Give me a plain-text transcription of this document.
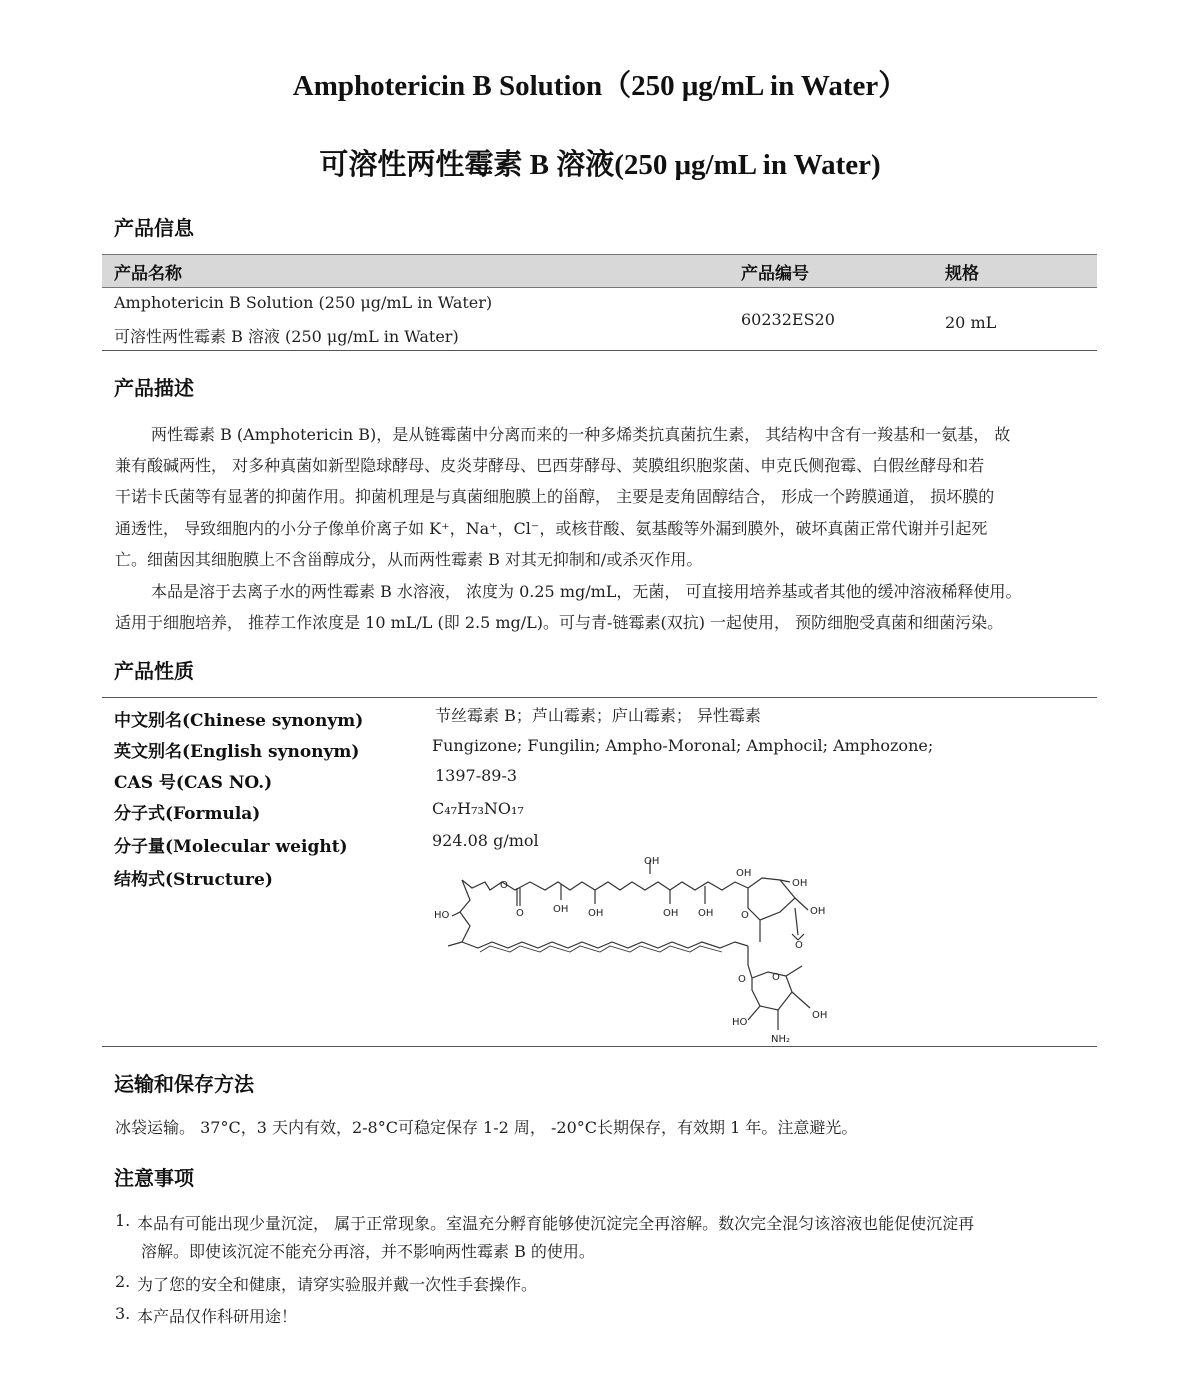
Amphotericin B Solution（250 μg/mL in Water）
可溶性两性霉素 B 溶液(250 μg/mL in Water)
产品信息
产品名称	产品编号	规格
Amphotericin B Solution (250 μg/mL in Water)
可溶性两性霉素 B 溶液 (250 μg/mL in Water)
60232ES20	20 mL
产品描述
两性霉素 B (Amphotericin B)，是从链霉菌中分离而来的一种多烯类抗真菌抗生素， 其结构中含有一羧基和一氨基， 故
兼有酸碱两性， 对多种真菌如新型隐球酵母、皮炎芽酵母、巴西芽酵母、荚膜组织胞浆菌、申克氏侧孢霉、白假丝酵母和若
干诺卡氏菌等有显著的抑菌作用。抑菌机理是与真菌细胞膜上的甾醇， 主要是麦角固醇结合， 形成一个跨膜通道， 损坏膜的
通透性， 导致细胞内的小分子像单价离子如 K⁺，Na⁺，Cl⁻，或核苷酸、氨基酸等外漏到膜外，破坏真菌正常代谢并引起死
亡。细菌因其细胞膜上不含甾醇成分，从而两性霉素 B 对其无抑制和/或杀灭作用。
本品是溶于去离子水的两性霉素 B 水溶液， 浓度为 0.25 mg/mL，无菌， 可直接用培养基或者其他的缓冲溶液稀释使用。
适用于细胞培养， 推荐工作浓度是 10 mL/L (即 2.5 mg/L)。可与青-链霉素(双抗) 一起使用， 预防细胞受真菌和细菌污染。
产品性质
中文别名(Chinese synonym)	节丝霉素 B；芦山霉素；庐山霉素； 异性霉素
英文别名(English synonym)	Fungizone; Fungilin; Ampho-Moronal; Amphocil; Amphozone;
CAS 号(CAS NO.)	1397-89-3
分子式(Formula)	C₄₇H₇₃NO₁₇
分子量(Molecular weight)	924.08 g/mol
结构式(Structure)
OH
OH OH	OH OH
OH
OH
HO
O
O	O
O
OH
HO
OH
NH₂
O	O
运输和保存方法
冰袋运输。 37°C，3 天内有效，2-8°C可稳定保存 1-2 周， -20°C长期保存，有效期 1 年。注意避光。
注意事项
1. 本品有可能出现少量沉淀， 属于正常现象。室温充分孵育能够使沉淀完全再溶解。数次完全混匀该溶液也能促使沉淀再
溶解。即使该沉淀不能充分再溶，并不影响两性霉素 B 的使用。
2. 为了您的安全和健康，请穿实验服并戴一次性手套操作。
3. 本产品仅作科研用途！
